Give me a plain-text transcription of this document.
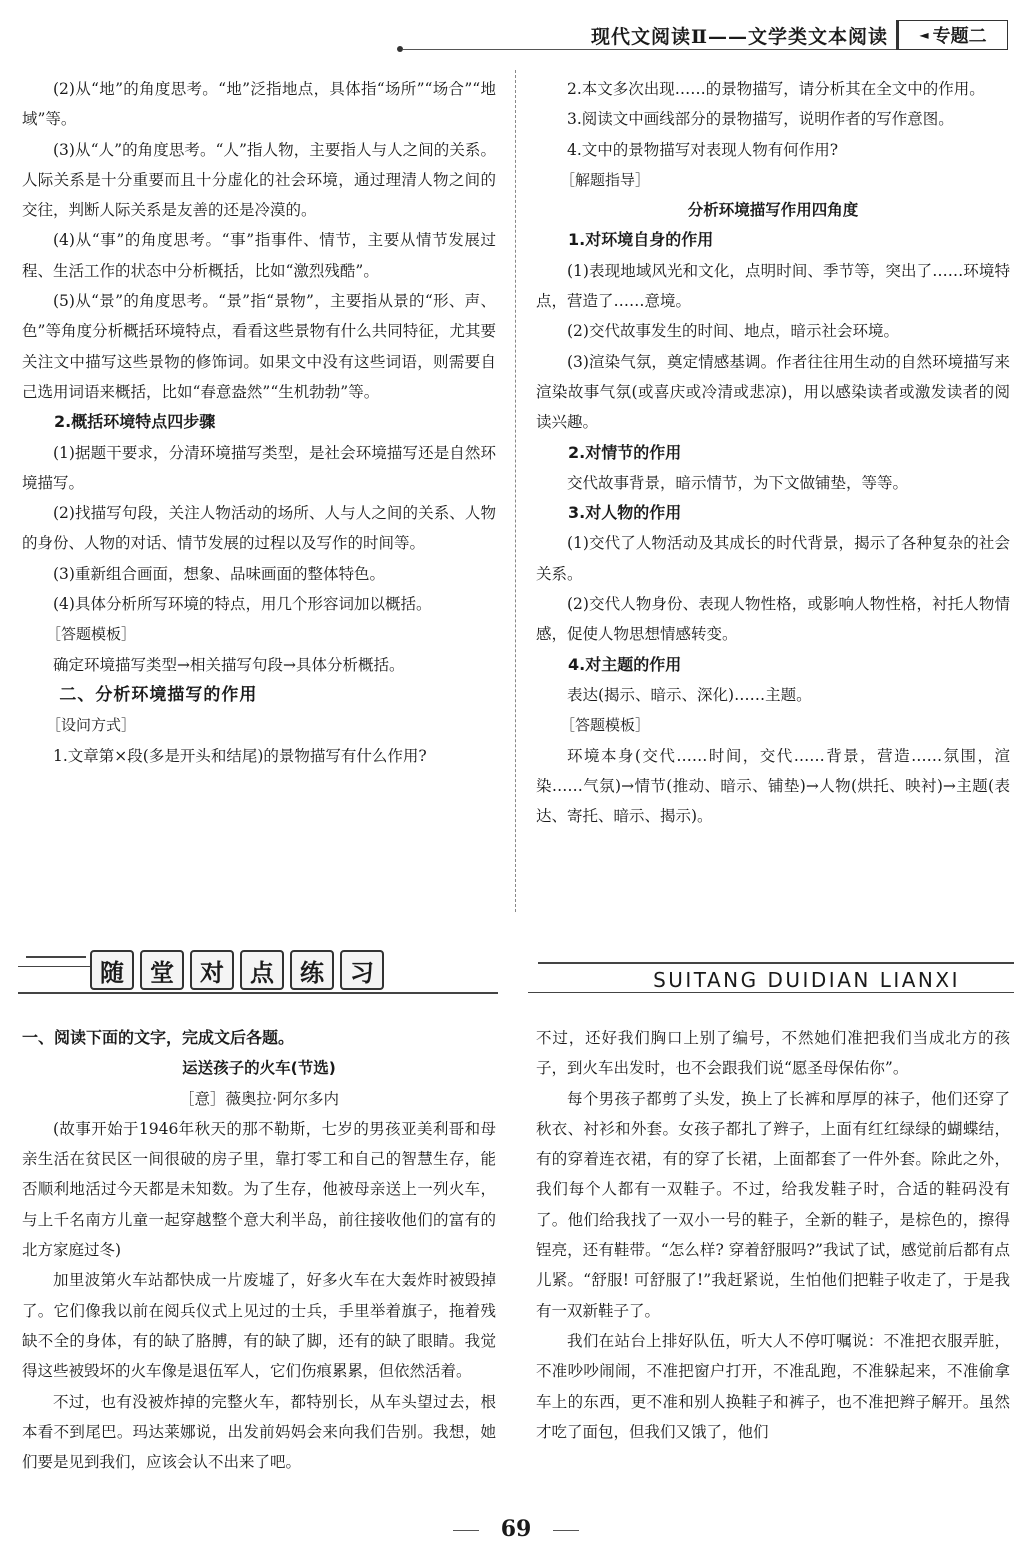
现代文阅读Ⅱ——文学类文本阅读	◄ 专题二

(2)从“地”的角度思考。“地”泛指地点，具体指“场所”“场合”“地域”等。

(3)从“人”的角度思考。“人”指人物，主要指人与人之间的关系。人际关系是十分重要而且十分虚化的社会环境，通过理清人物之间的交往，判断人际关系是友善的还是冷漠的。

(4)从“事”的角度思考。“事”指事件、情节，主要从情节发展过程、生活工作的状态中分析概括，比如“激烈残酷”。

(5)从“景”的角度思考。“景”指“景物”，主要指从景的“形、声、色”等角度分析概括环境特点，看看这些景物有什么共同特征，尤其要关注文中描写这些景物的修饰词。如果文中没有这些词语，则需要自己选用词语来概括，比如“春意盎然”“生机勃勃”等。

2.概括环境特点四步骤

(1)据题干要求，分清环境描写类型，是社会环境描写还是自然环境描写。

(2)找描写句段，关注人物活动的场所、人与人之间的关系、人物的身份、人物的对话、情节发展的过程以及写作的时间等。

(3)重新组合画面，想象、品味画面的整体特色。

(4)具体分析所写环境的特点，用几个形容词加以概括。

［答题模板］

确定环境描写类型→相关描写句段→具体分析概括。

二、分析环境描写的作用

［设问方式］

1.文章第×段(多是开头和结尾)的景物描写有什么作用?

2.本文多次出现……的景物描写，请分析其在全文中的作用。

3.阅读文中画线部分的景物描写，说明作者的写作意图。

4.文中的景物描写对表现人物有何作用?

［解题指导］

分析环境描写作用四角度

1.对环境自身的作用

(1)表现地域风光和文化，点明时间、季节等，突出了……环境特点，营造了……意境。

(2)交代故事发生的时间、地点，暗示社会环境。

(3)渲染气氛，奠定情感基调。作者往往用生动的自然环境描写来渲染故事气氛(或喜庆或冷清或悲凉)，用以感染读者或激发读者的阅读兴趣。

2.对情节的作用

交代故事背景，暗示情节，为下文做铺垫，等等。

3.对人物的作用

(1)交代了人物活动及其成长的时代背景，揭示了各种复杂的社会关系。

(2)交代人物身份、表现人物性格，或影响人物性格，衬托人物情感，促使人物思想情感转变。

4.对主题的作用

表达(揭示、暗示、深化)……主题。

［答题模板］

环境本身(交代……时间，交代……背景，营造……氛围，渲染……气氛)→情节(推动、暗示、铺垫)→人物(烘托、映衬)→主题(表达、寄托、暗示、揭示)。

随	堂	对	点	练	习	SUITANG DUIDIAN LIANXI

一、阅读下面的文字，完成文后各题。

运送孩子的火车(节选)

［意］薇奥拉·阿尔多内

(故事开始于1946年秋天的那不勒斯，七岁的男孩亚美利哥和母亲生活在贫民区一间很破的房子里，靠打零工和自己的智慧生存，能否顺利地活过今天都是未知数。为了生存，他被母亲送上一列火车，与上千名南方儿童一起穿越整个意大利半岛，前往接收他们的富有的北方家庭过冬)

加里波第火车站都快成一片废墟了，好多火车在大轰炸时被毁掉了。它们像我以前在阅兵仪式上见过的士兵，手里举着旗子，拖着残缺不全的身体，有的缺了胳膊，有的缺了脚，还有的缺了眼睛。我觉得这些被毁坏的火车像是退伍军人，它们伤痕累累，但依然活着。

不过，也有没被炸掉的完整火车，都特别长，从车头望过去，根本看不到尾巴。玛达莱娜说，出发前妈妈会来向我们告别。我想，她们要是见到我们，应该会认不出来了吧。

不过，还好我们胸口上别了编号，不然她们准把我们当成北方的孩子，到火车出发时，也不会跟我们说“愿圣母保佑你”。

每个男孩子都剪了头发，换上了长裤和厚厚的袜子，他们还穿了秋衣、衬衫和外套。女孩子都扎了辫子，上面有红红绿绿的蝴蝶结，有的穿着连衣裙，有的穿了长裙，上面都套了一件外套。除此之外，我们每个人都有一双鞋子。不过，给我发鞋子时，合适的鞋码没有了。他们给我找了一双小一号的鞋子，全新的鞋子，是棕色的，擦得锃亮，还有鞋带。“怎么样? 穿着舒服吗?”我试了试，感觉前后都有点儿紧。“舒服! 可舒服了!”我赶紧说，生怕他们把鞋子收走了，于是我有一双新鞋子了。

我们在站台上排好队伍，听大人不停叮嘱说：不准把衣服弄脏，不准吵吵闹闹，不准把窗户打开，不准乱跑，不准躲起来，不准偷拿车上的东西，更不准和别人换鞋子和裤子，也不准把辫子解开。虽然才吃了面包，但我们又饿了，他们

69
